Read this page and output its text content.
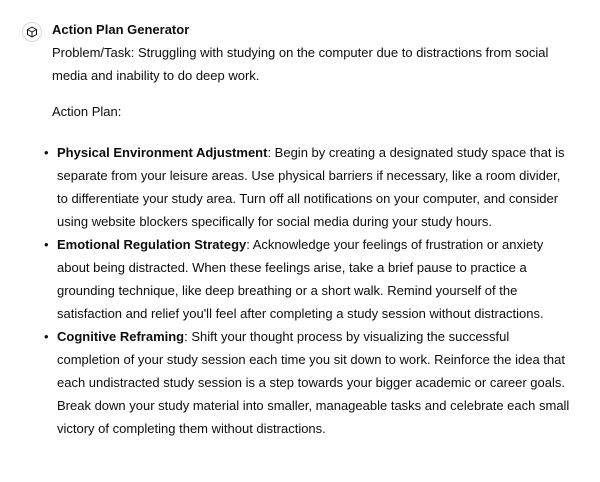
Action Plan Generator

Problem/Task: Struggling with studying on the computer due to distractions from social media and inability to do deep work.

Action Plan:

• Physical Environment Adjustment: Begin by creating a designated study space that is separate from your leisure areas. Use physical barriers if necessary, like a room divider, to differentiate your study area. Turn off all notifications on your computer, and consider using website blockers specifically for social media during your study hours.
• Emotional Regulation Strategy: Acknowledge your feelings of frustration or anxiety about being distracted. When these feelings arise, take a brief pause to practice a grounding technique, like deep breathing or a short walk. Remind yourself of the satisfaction and relief you'll feel after completing a study session without distractions.
• Cognitive Reframing: Shift your thought process by visualizing the successful completion of your study session each time you sit down to work. Reinforce the idea that each undistracted study session is a step towards your bigger academic or career goals. Break down your study material into smaller, manageable tasks and celebrate each small victory of completing them without distractions.
